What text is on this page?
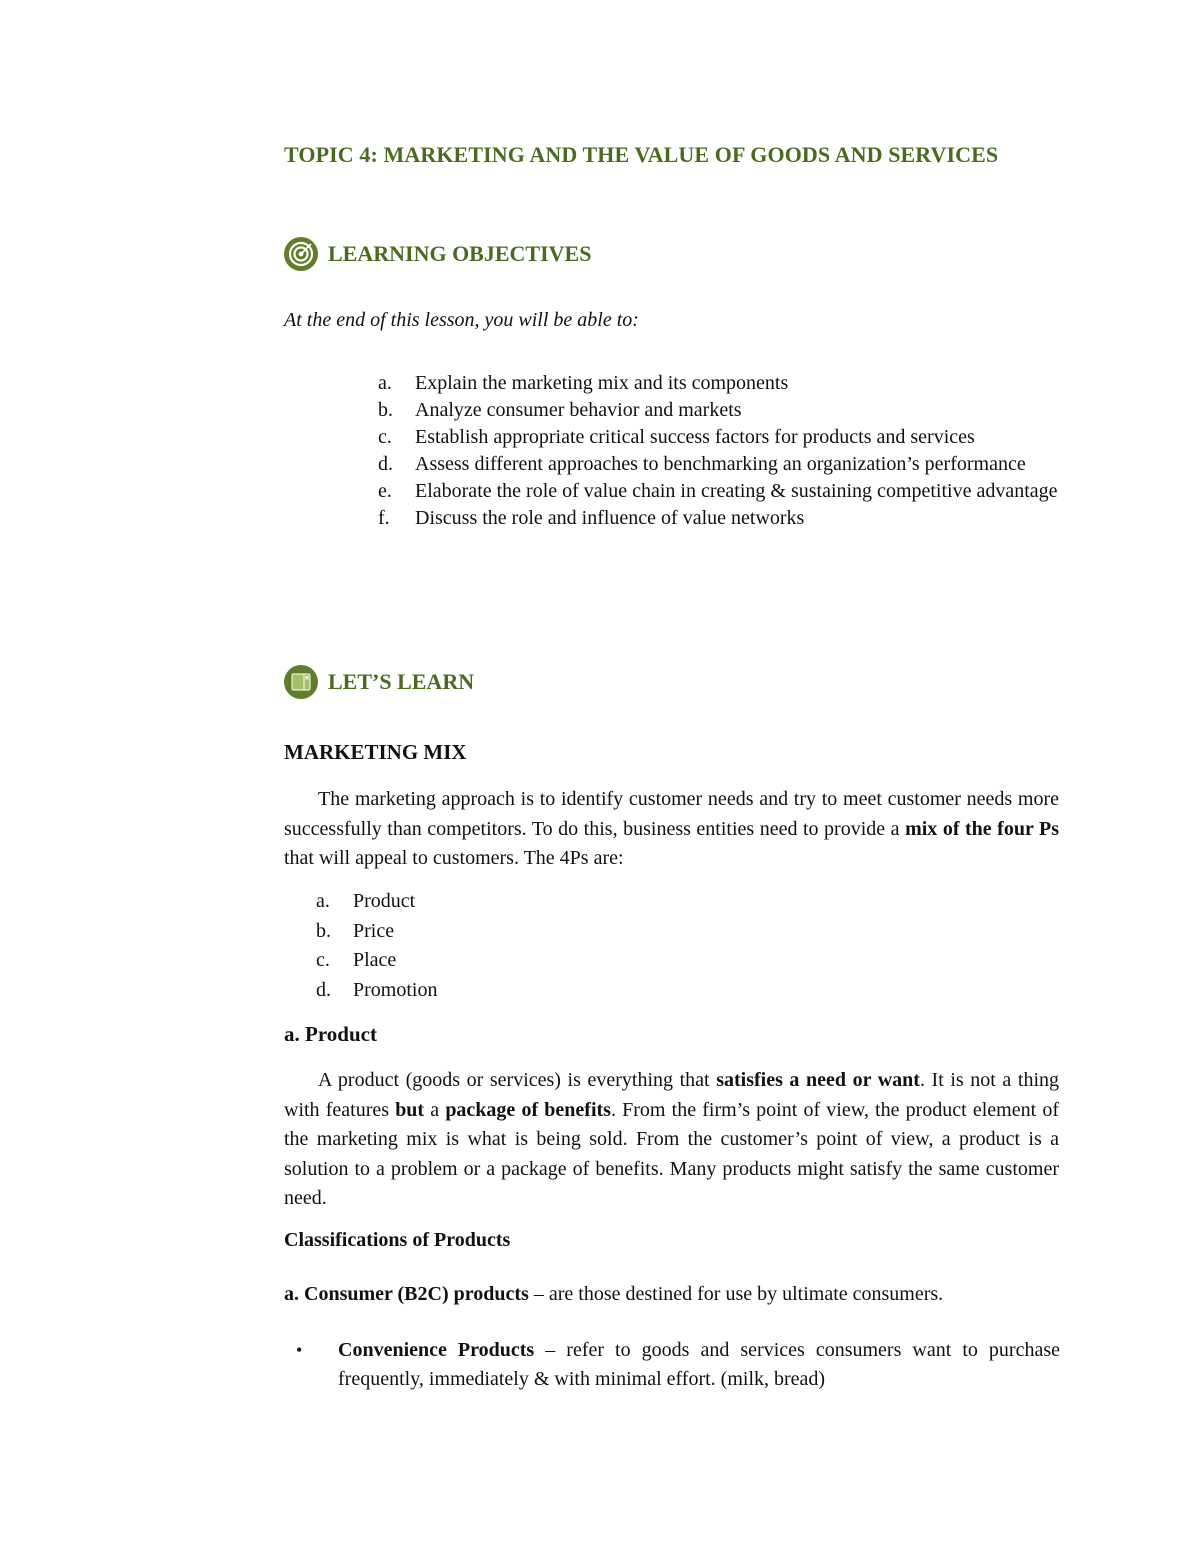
TOPIC 4: MARKETING AND THE VALUE OF GOODS AND SERVICES
LEARNING OBJECTIVES
At the end of this lesson, you will be able to:
a.	Explain the marketing mix and its components
b.	Analyze consumer behavior and markets
c.	Establish appropriate critical success factors for products and services
d.	Assess different approaches to benchmarking an organization’s performance
e.	Elaborate the role of value chain in creating & sustaining competitive advantage
f.	Discuss the role and influence of value networks
LET’S LEARN
MARKETING MIX
The marketing approach is to identify customer needs and try to meet customer needs more successfully than competitors. To do this, business entities need to provide a mix of the four Ps that will appeal to customers. The 4Ps are:
a.	Product
b.	Price
c.	Place
d.	Promotion
a. Product
A product (goods or services) is everything that satisfies a need or want. It is not a thing with features but a package of benefits. From the firm’s point of view, the product element of the marketing mix is what is being sold. From the customer’s point of view, a product is a solution to a problem or a package of benefits. Many products might satisfy the same customer need.
Classifications of Products
a. Consumer (B2C) products – are those destined for use by ultimate consumers.
•	Convenience Products – refer to goods and services consumers want to purchase frequently, immediately & with minimal effort. (milk, bread)
